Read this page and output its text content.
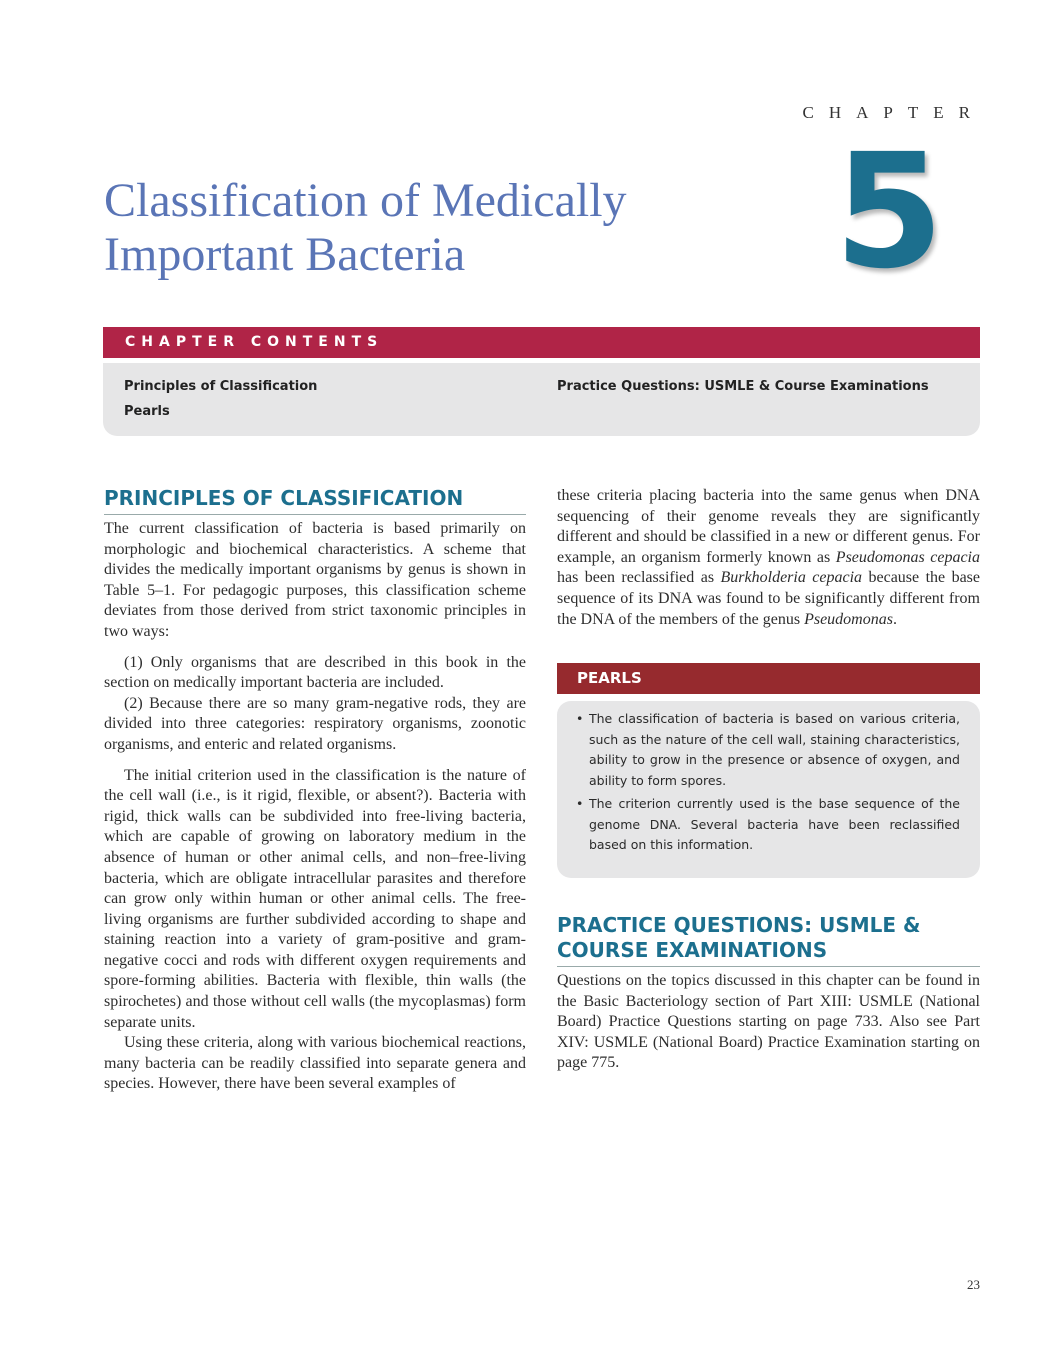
CHAPTER
5
Classification of Medically
Important Bacteria
CHAPTER CONTENTS
Principles of Classification
Pearls
Practice Questions: USMLE & Course Examinations
PRINCIPLES OF CLASSIFICATION

The current classification of bacteria is based primarily on morphologic and biochemical characteristics. A scheme that divides the medically important organisms by genus is shown in Table 5–1. For pedagogic purposes, this classification scheme deviates from those derived from strict taxonomic principles in two ways:

(1) Only organisms that are described in this book in the section on medically important bacteria are included.

(2) Because there are so many gram-negative rods, they are divided into three categories: respiratory organisms, zoonotic organisms, and enteric and related organisms.

The initial criterion used in the classification is the nature of the cell wall (i.e., is it rigid, flexible, or absent?). Bacteria with rigid, thick walls can be subdivided into free-living bacteria, which are capable of growing on laboratory medium in the absence of human or other animal cells, and non–free-living bacteria, which are obligate intracellular parasites and therefore can grow only within human or other animal cells. The free-living organisms are further subdivided according to shape and staining reaction into a variety of gram-positive and gram-negative cocci and rods with different oxygen requirements and spore-forming abilities. Bacteria with flexible, thin walls (the spirochetes) and those without cell walls (the mycoplasmas) form separate units.

Using these criteria, along with various biochemical reactions, many bacteria can be readily classified into separate genera and species. However, there have been several examples of

these criteria placing bacteria into the same genus when DNA sequencing of their genome reveals they are significantly different and should be classified in a new or different genus. For example, an organism formerly known as Pseudomonas cepacia has been reclassified as Burkholderia cepacia because the base sequence of its DNA was found to be significantly different from the DNA of the members of the genus Pseudomonas.

PEARLS
• The classification of bacteria is based on various criteria, such as the nature of the cell wall, staining characteristics, ability to grow in the presence or absence of oxygen, and ability to form spores.
• The criterion currently used is the base sequence of the genome DNA. Several bacteria have been reclassified based on this information.
PRACTICE QUESTIONS: USMLE &
COURSE EXAMINATIONS

Questions on the topics discussed in this chapter can be found in the Basic Bacteriology section of Part XIII: USMLE (National Board) Practice Questions starting on page 733. Also see Part XIV: USMLE (National Board) Practice Examination starting on page 775.

23
